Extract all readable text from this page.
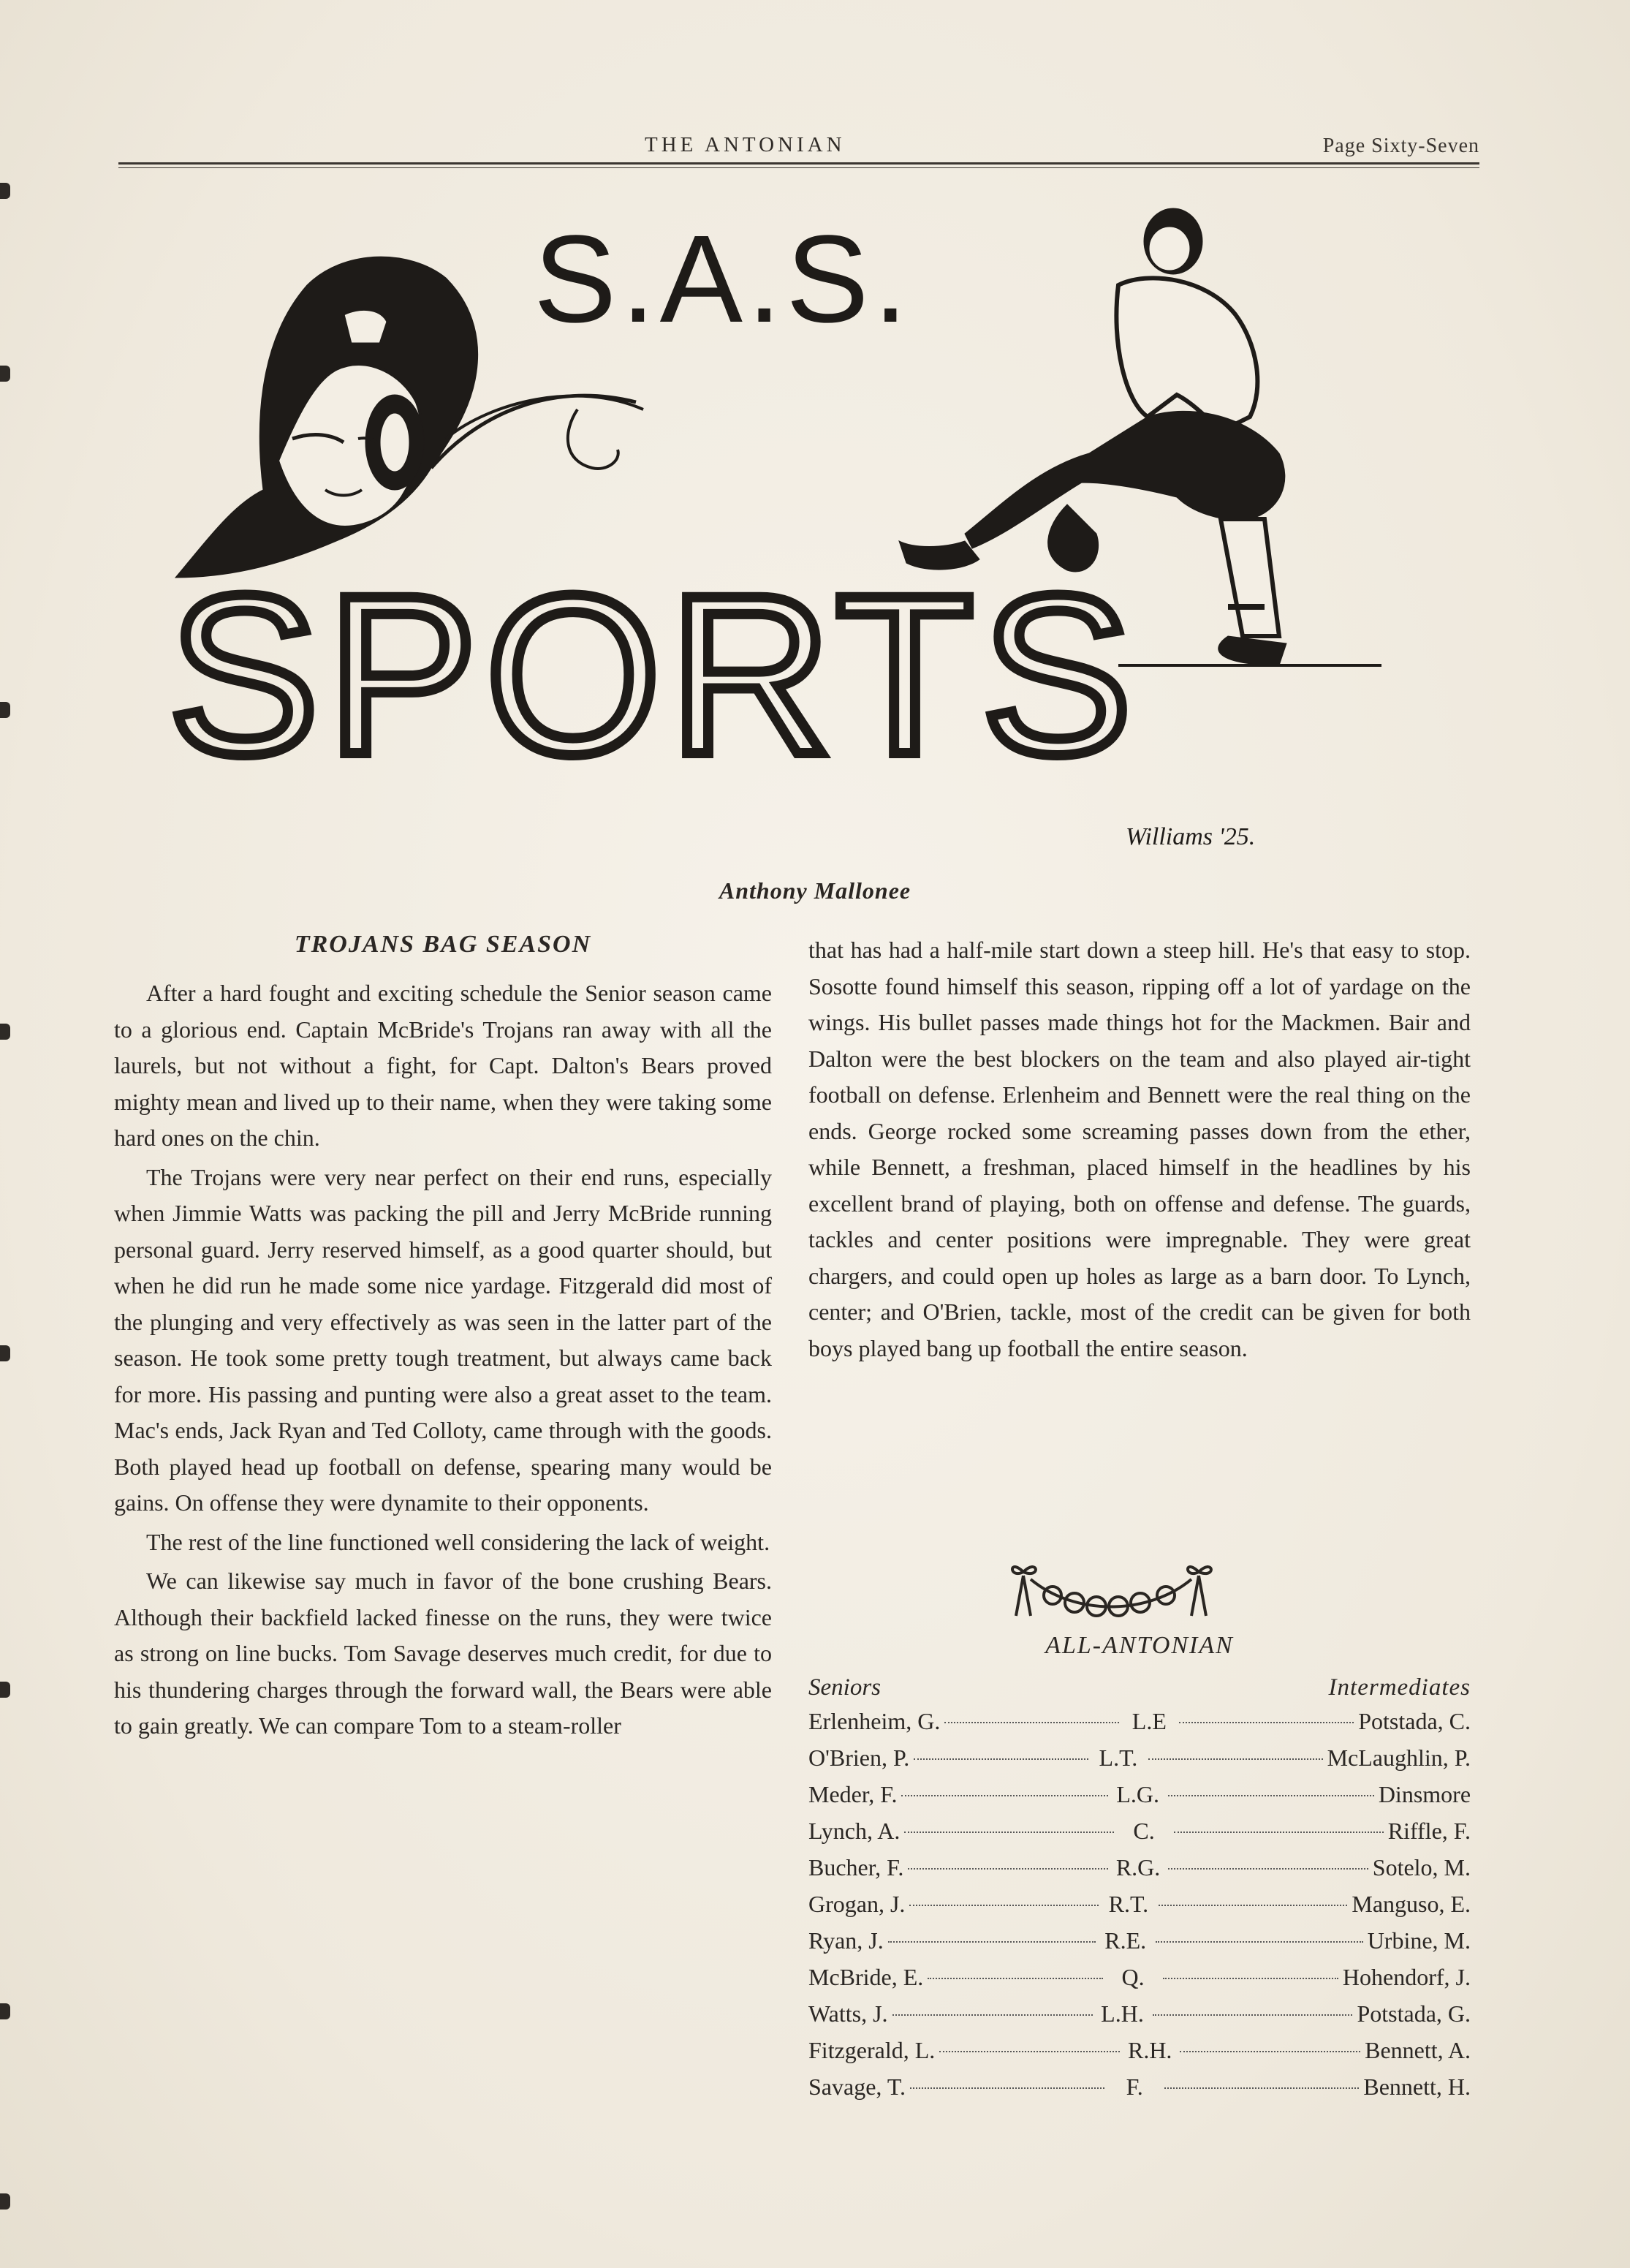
THE ANTONIAN	Page Sixty-Seven
S.A.S.
SPORTS
Williams '25.
Anthony Mallonee
TROJANS BAG SEASON

After a hard fought and exciting schedule the Senior season came to a glorious end. Captain McBride's Trojans ran away with all the laurels, but not without a fight, for Capt. Dalton's Bears proved mighty mean and lived up to their name, when they were taking some hard ones on the chin.

The Trojans were very near perfect on their end runs, especially when Jimmie Watts was packing the pill and Jerry McBride running personal guard. Jerry reserved himself, as a good quarter should, but when he did run he made some nice yardage. Fitzgerald did most of the plunging and very effectively as was seen in the latter part of the season. He took some pretty tough treatment, but always came back for more. His passing and punting were also a great asset to the team. Mac's ends, Jack Ryan and Ted Colloty, came through with the goods. Both played head up football on defense, spearing many would be gains. On offense they were dynamite to their opponents.

The rest of the line functioned well considering the lack of weight.

We can likewise say much in favor of the bone crushing Bears. Although their backfield lacked finesse on the runs, they were twice as strong on line bucks. Tom Savage deserves much credit, for due to his thundering charges through the forward wall, the Bears were able to gain greatly. We can compare Tom to a steam-roller

that has had a half-mile start down a steep hill. He's that easy to stop. Sosotte found himself this season, ripping off a lot of yardage on the wings. His bullet passes made things hot for the Mackmen. Bair and Dalton were the best blockers on the team and also played air-tight football on defense. Erlenheim and Bennett were the real thing on the ends. George rocked some screaming passes down from the ether, while Bennett, a freshman, placed himself in the headlines by his excellent brand of playing, both on offense and defense. The guards, tackles and center positions were impregnable. They were great chargers, and could open up holes as large as a barn door. To Lynch, center; and O'Brien, tackle, most of the credit can be given for both boys played bang up football the entire season.

ALL-ANTONIAN
Seniors	Intermediates
Erlenheim, G.	L.E	Potstada, C.
O'Brien, P.	L.T.	McLaughlin, P.
Meder, F.	L.G.	Dinsmore
Lynch, A.	C.	Riffle, F.
Bucher, F.	R.G.	Sotelo, M.
Grogan, J.	R.T.	Manguso, E.
Ryan, J.	R.E.	Urbine, M.
McBride, E.	Q.	Hohendorf, J.
Watts, J.	L.H.	Potstada, G.
Fitzgerald, L.	R.H.	Bennett, A.
Savage, T.	F.	Bennett, H.
